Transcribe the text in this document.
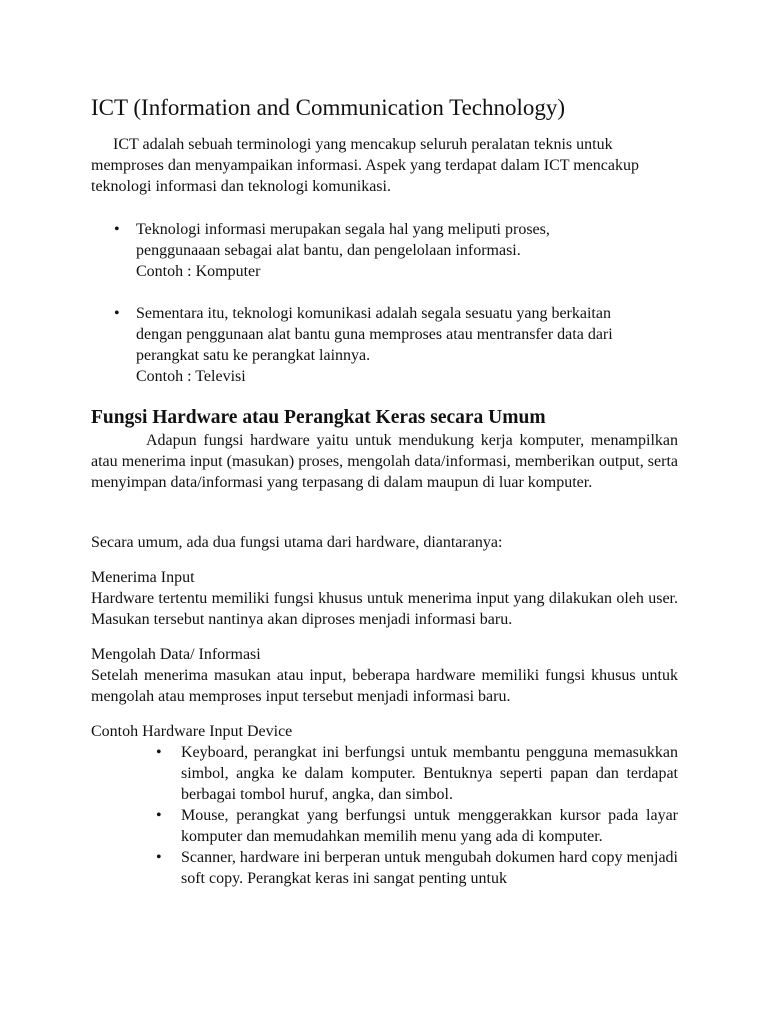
ICT (Information and Communication Technology)

ICT adalah sebuah terminologi yang mencakup seluruh peralatan teknis untuk memproses dan menyampaikan informasi. Aspek yang terdapat dalam ICT mencakup teknologi informasi dan teknologi komunikasi.

• Teknologi informasi merupakan segala hal yang meliputi proses,
penggunaaan sebagai alat bantu, dan pengelolaan informasi.
Contoh : Komputer
• Sementara itu, teknologi komunikasi adalah segala sesuatu yang berkaitan
dengan penggunaan alat bantu guna memproses atau mentransfer data dari
perangkat satu ke perangkat lainnya.
Contoh : Televisi
Fungsi Hardware atau Perangkat Keras secara Umum

Adapun fungsi hardware yaitu untuk mendukung kerja komputer, menampilkan atau menerima input (masukan) proses, mengolah data/informasi, memberikan output, serta menyimpan data/informasi yang terpasang di dalam maupun di luar komputer.

Secara umum, ada dua fungsi utama dari hardware, diantaranya:

Menerima Input

Hardware tertentu memiliki fungsi khusus untuk menerima input yang dilakukan oleh user. Masukan tersebut nantinya akan diproses menjadi informasi baru.

Mengolah Data/ Informasi

Setelah menerima masukan atau input, beberapa hardware memiliki fungsi khusus untuk mengolah atau memproses input tersebut menjadi informasi baru.

Contoh Hardware Input Device

• Keyboard, perangkat ini berfungsi untuk membantu pengguna memasukkan simbol, angka ke dalam komputer. Bentuknya seperti papan dan terdapat berbagai tombol huruf, angka, dan simbol.
• Mouse, perangkat yang berfungsi untuk menggerakkan kursor pada layar komputer dan memudahkan memilih menu yang ada di komputer.
• Scanner, hardware ini berperan untuk mengubah dokumen hard copy menjadi soft copy. Perangkat keras ini sangat penting untuk
